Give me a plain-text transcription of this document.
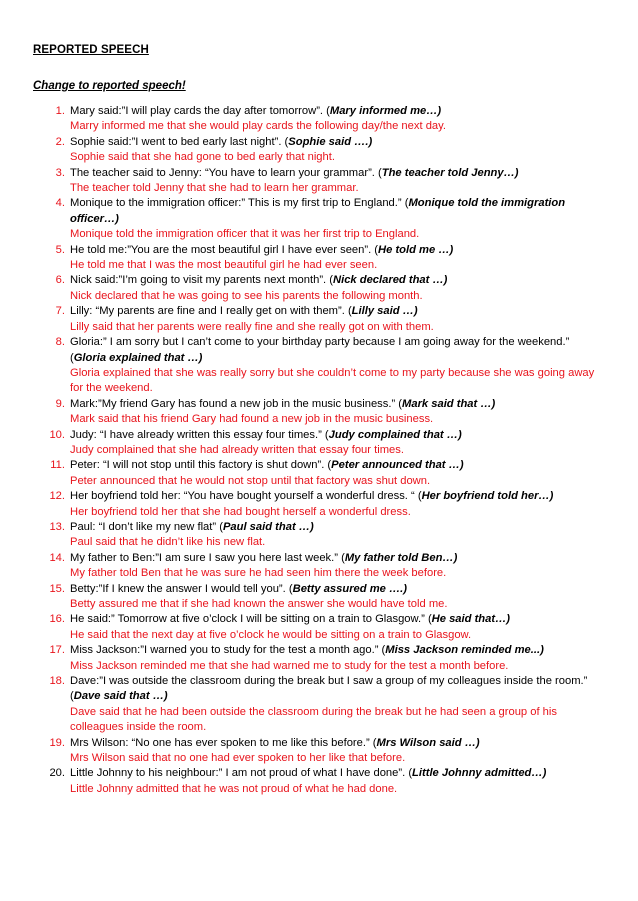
REPORTED SPEECH
Change to reported speech!
1. Mary said:”I will play cards the day after tomorrow”. (Mary informed me…)
Marry informed me that she would play cards the following day/the next day.
2. Sophie said:”I went to bed early last night”. (Sophie said ….)
Sophie said that she had gone to bed early that night.
3. The teacher said to Jenny: “You have to learn your grammar”. (The teacher told Jenny…)
The teacher told Jenny that she had to learn her grammar.
4. Monique to the immigration officer:” This is my first trip to England.” (Monique told the immigration officer…)
Monique told the immigration officer that it was her first trip to England.
5. He told me:”You are the most beautiful girl I have ever seen”. (He told me …)
He told me that I was the most beautiful girl he had ever seen.
6. Nick said:”I’m going to visit my parents next month”. (Nick declared that …)
Nick declared that he was going to see his parents the following month.
7. Lilly: “My parents are fine and I really get on with them”. (Lilly said …)
Lilly said that her parents were really fine and she really got on with them.
8. Gloria:” I am sorry but I can’t come to your birthday party because I am going away for the weekend.” (Gloria explained that …)
Gloria explained that she was really sorry but she couldn’t come to my party because she was going away for the weekend.
9. Mark:”My friend Gary has found a new job in the music business.” (Mark said that …)
Mark said that his friend Gary had found a new job in the music business.
10. Judy: “I have already written this essay four times.” (Judy complained that …)
Judy complained that she had already written that essay four times.
11. Peter: “I will not stop until this factory is shut down”. (Peter announced that …)
Peter announced that he would not stop until that factory was shut down.
12. Her boyfriend told her: “You have bought yourself a wonderful dress. “ (Her boyfriend told her…)
Her boyfriend told her that she had bought herself a wonderful dress.
13. Paul: “I don’t like my new flat” (Paul said that …)
Paul said that he didn’t like his new flat.
14. My father to Ben:”I am sure I saw you here last week.” (My father told Ben…)
My father told Ben that he was sure he had seen him there the week before.
15. Betty:”If I knew the answer I would tell you”. (Betty assured me ….)
Betty assured me that if she had known the answer she would have told me.
16. He said:” Tomorrow at five o’clock I will be sitting on a train to Glasgow.” (He said that…)
He said that the next day at five o’clock he would be sitting on a train to Glasgow.
17. Miss Jackson:”I warned you to study for the test a month ago.” (Miss Jackson reminded me...)
Miss Jackson reminded me that she had warned me to study for the test a month before.
18. Dave:”I was outside the classroom during the break but I saw a group of my colleagues inside the room.” (Dave said that …)
Dave said that he had been outside the classroom during the break but he had seen a group of his colleagues inside the room.
19. Mrs Wilson: “No one has ever spoken to me like this before.” (Mrs Wilson said …)
Mrs Wilson said that no one had ever spoken to her like that before.
20. Little Johnny to his neighbour:” I am not proud of what I have done”. (Little Johnny admitted…)
Little Johnny admitted that he was not proud of what he had done.
